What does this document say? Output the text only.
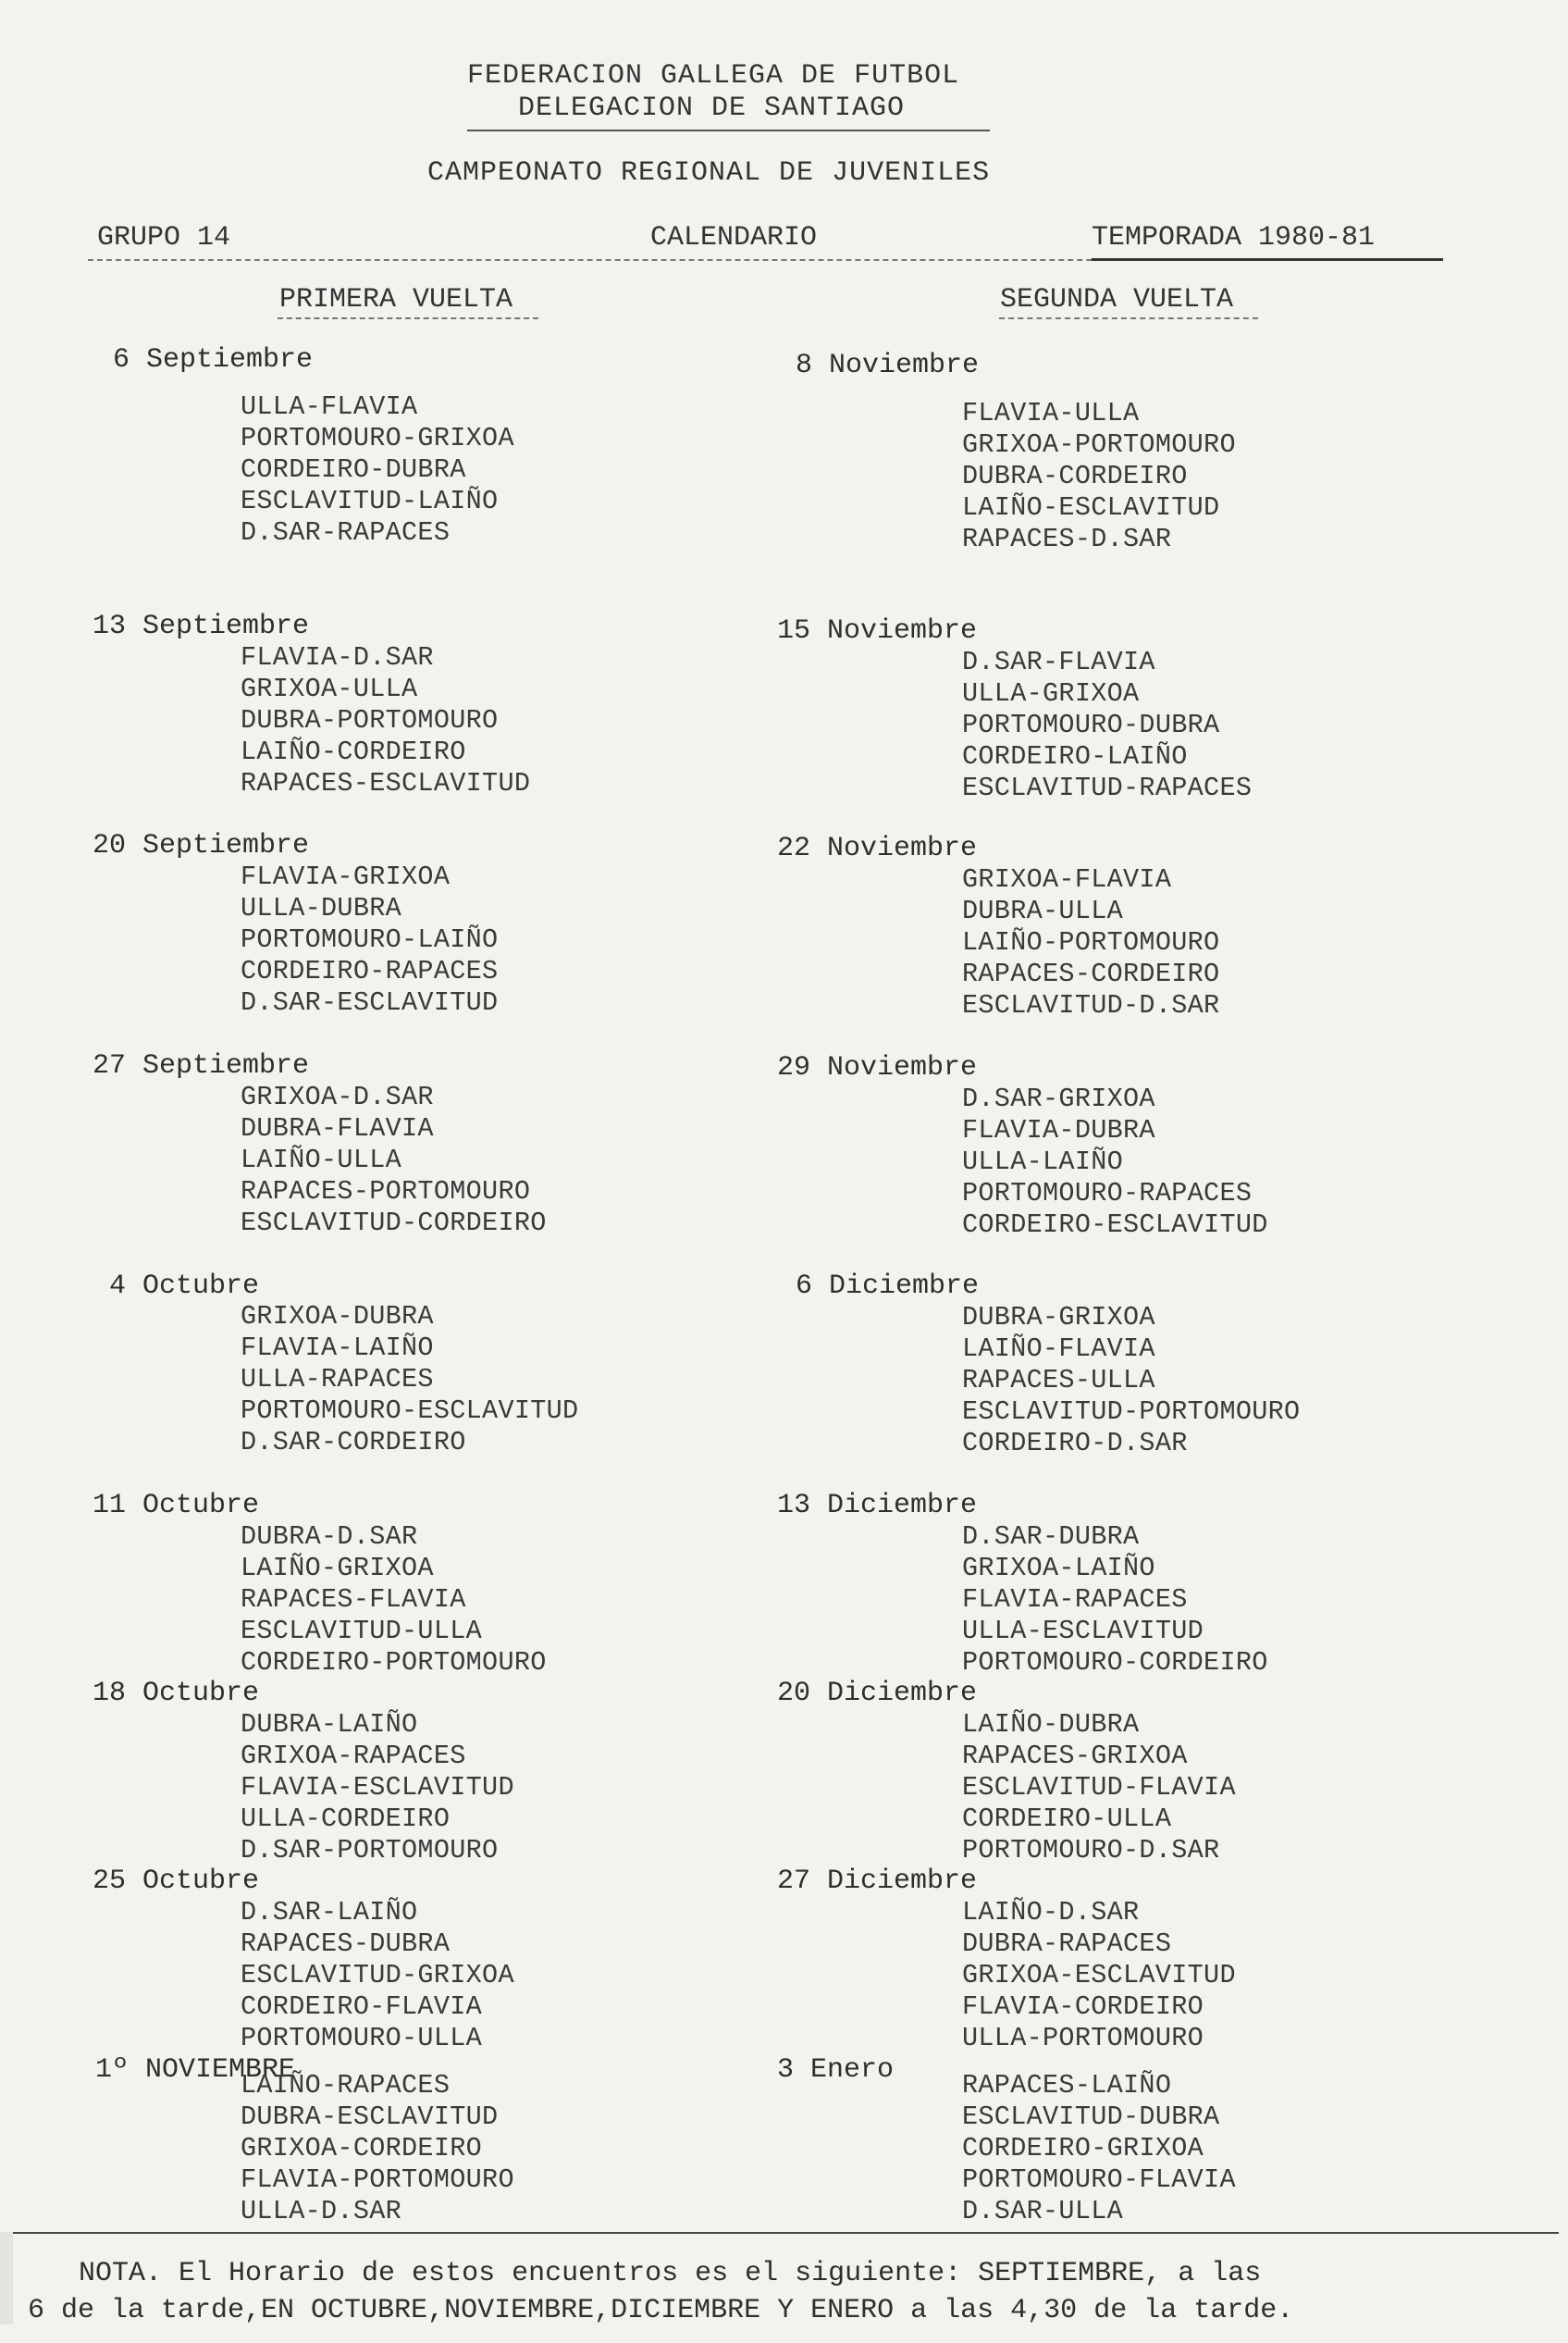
FEDERACION GALLEGA DE FUTBOL
DELEGACION DE SANTIAGO
CAMPEONATO REGIONAL DE JUVENILES
GRUPO 14	CALENDARIO	TEMPORADA 1980-81
PRIMERA VUELTA	SEGUNDA VUELTA
6 Septiembre
ULLA-FLAVIA
PORTOMOURO-GRIXOA
CORDEIRO-DUBRA
ESCLAVITUD-LAIÑO
D.SAR-RAPACES
13 Septiembre
FLAVIA-D.SAR
GRIXOA-ULLA
DUBRA-PORTOMOURO
LAIÑO-CORDEIRO
RAPACES-ESCLAVITUD
20 Septiembre
FLAVIA-GRIXOA
ULLA-DUBRA
PORTOMOURO-LAIÑO
CORDEIRO-RAPACES
D.SAR-ESCLAVITUD
27 Septiembre
GRIXOA-D.SAR
DUBRA-FLAVIA
LAIÑO-ULLA
RAPACES-PORTOMOURO
ESCLAVITUD-CORDEIRO
4 Octubre
GRIXOA-DUBRA
FLAVIA-LAIÑO
ULLA-RAPACES
PORTOMOURO-ESCLAVITUD
D.SAR-CORDEIRO
11 Octubre
DUBRA-D.SAR
LAIÑO-GRIXOA
RAPACES-FLAVIA
ESCLAVITUD-ULLA
CORDEIRO-PORTOMOURO
18 Octubre
DUBRA-LAIÑO
GRIXOA-RAPACES
FLAVIA-ESCLAVITUD
ULLA-CORDEIRO
D.SAR-PORTOMOURO
25 Octubre
D.SAR-LAIÑO
RAPACES-DUBRA
ESCLAVITUD-GRIXOA
CORDEIRO-FLAVIA
PORTOMOURO-ULLA
1º NOVIEMBRE
LAIÑO-RAPACES
DUBRA-ESCLAVITUD
GRIXOA-CORDEIRO
FLAVIA-PORTOMOURO
ULLA-D.SAR
8 Noviembre
FLAVIA-ULLA
GRIXOA-PORTOMOURO
DUBRA-CORDEIRO
LAIÑO-ESCLAVITUD
RAPACES-D.SAR
15 Noviembre
D.SAR-FLAVIA
ULLA-GRIXOA
PORTOMOURO-DUBRA
CORDEIRO-LAIÑO
ESCLAVITUD-RAPACES
22 Noviembre
GRIXOA-FLAVIA
DUBRA-ULLA
LAIÑO-PORTOMOURO
RAPACES-CORDEIRO
ESCLAVITUD-D.SAR
29 Noviembre
D.SAR-GRIXOA
FLAVIA-DUBRA
ULLA-LAIÑO
PORTOMOURO-RAPACES
CORDEIRO-ESCLAVITUD
6 Diciembre
DUBRA-GRIXOA
LAIÑO-FLAVIA
RAPACES-ULLA
ESCLAVITUD-PORTOMOURO
CORDEIRO-D.SAR
13 Diciembre
D.SAR-DUBRA
GRIXOA-LAIÑO
FLAVIA-RAPACES
ULLA-ESCLAVITUD
PORTOMOURO-CORDEIRO
20 Diciembre
LAIÑO-DUBRA
RAPACES-GRIXOA
ESCLAVITUD-FLAVIA
CORDEIRO-ULLA
PORTOMOURO-D.SAR
27 Diciembre
LAIÑO-D.SAR
DUBRA-RAPACES
GRIXOA-ESCLAVITUD
FLAVIA-CORDEIRO
ULLA-PORTOMOURO
3 Enero	RAPACES-LAIÑO
ESCLAVITUD-DUBRA
CORDEIRO-GRIXOA
PORTOMOURO-FLAVIA
D.SAR-ULLA
NOTA. El Horario de estos encuentros es el siguiente: SEPTIEMBRE, a las
6 de la tarde,EN OCTUBRE,NOVIEMBRE,DICIEMBRE Y ENERO a las 4,30 de la tarde.
